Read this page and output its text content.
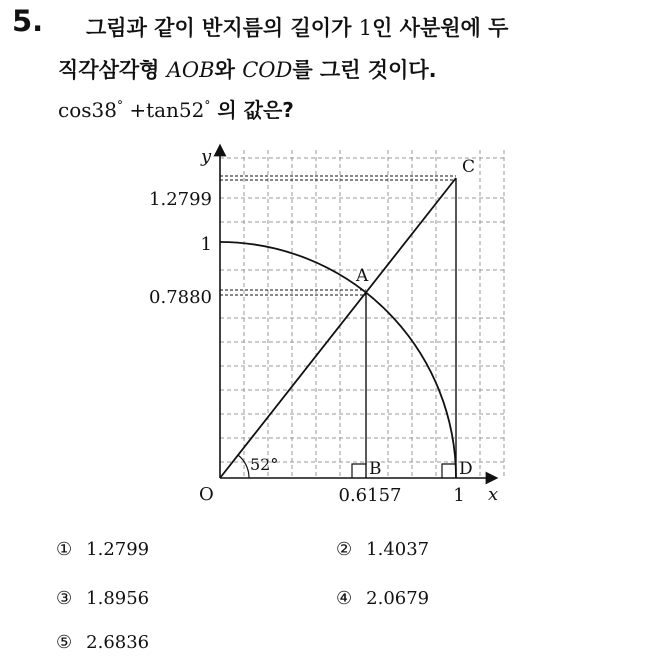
5. 그림과 같이 반지름의 길이가 1인 사분원에 두
직각삼각형 AOB와 COD를 그린 것이다.
cos38° +tan52° 의 값은?
y
x
O
A
B
C
D
52°
1.2799
1
0.7880
0.6157	1
① 1.2799	② 1.4037
③ 1.8956	④ 2.0679
⑤ 2.6836
